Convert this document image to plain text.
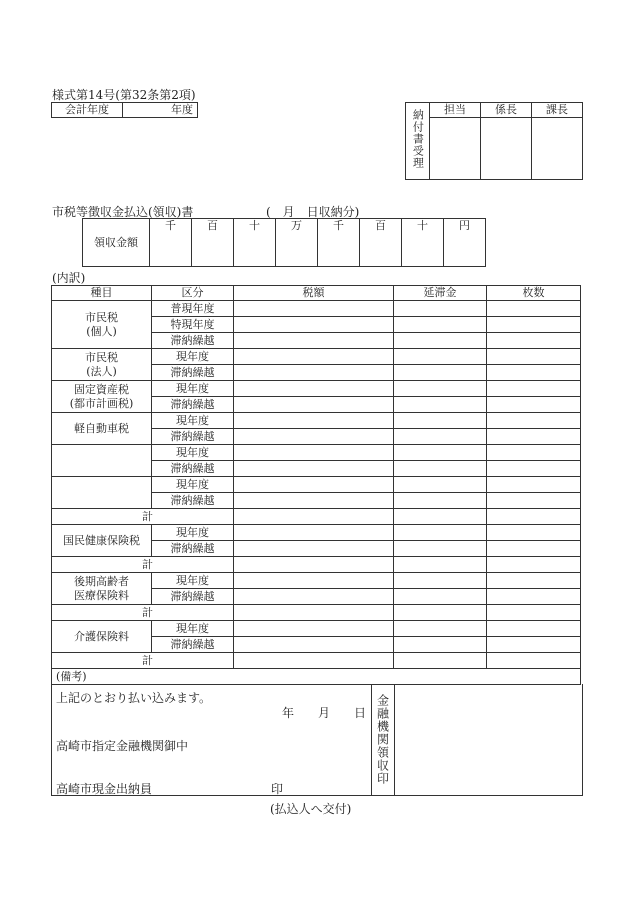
様式第14号(第32条第2項)
会計年度	年度	納付書受理	担当	係長	課長

市税等徴収金払込(領収)書	(　月　日収納分)
領収金額	千	百	十	万	千	百	十	円
(内訳)
種目	区分	税額	延滞金	枚数
市民税
(個人)	普現年度			
	特現年度			
	滞納繰越			
市民税
(法人)	現年度			
	滞納繰越			
固定資産税
(都市計画税)	現年度			
	滞納繰越			
軽自動車税	現年度			
	滞納繰越			
	現年度			
	滞納繰越			
	現年度			
	滞納繰越			
計				
国民健康保険税	現年度			
	滞納繰越			
計				
後期高齢者
医療保険料	現年度			
	滞納繰越			
計				
介護保険料	現年度			
	滞納繰越			
計				
(備考)				
金融機関領収印
上記のとおり払い込みます。
年　　月　　日
高崎市指定金融機関御中
高崎市現金出納員	印
(払込人へ交付)
